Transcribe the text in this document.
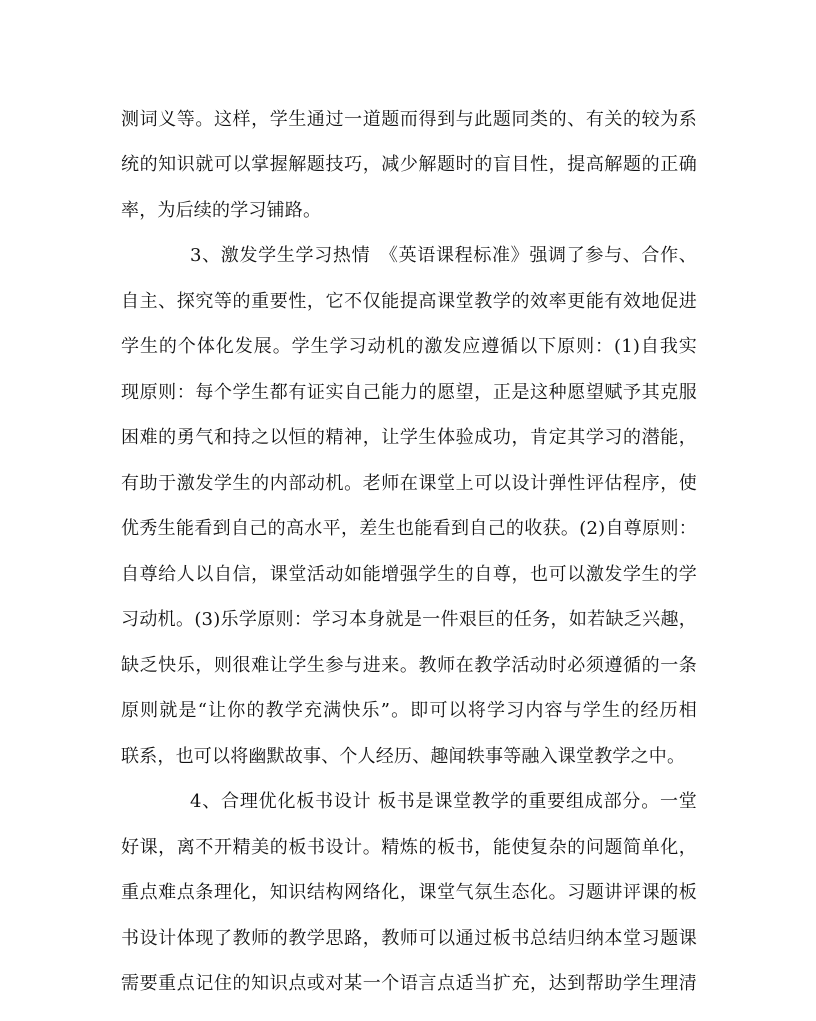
测词义等。这样，学生通过一道题而得到与此题同类的、有关的较为系
统的知识就可以掌握解题技巧，减少解题时的盲目性，提高解题的正确
率，为后续的学习铺路。
3、激发学生学习热情　《英语课程标准》强调了参与、合作、
自主、探究等的重要性，它不仅能提高课堂教学的效率更能有效地促进
学生的个体化发展。学生学习动机的激发应遵循以下原则：(1)自我实
现原则：每个学生都有证实自己能力的愿望，正是这种愿望赋予其克服
困难的勇气和持之以恒的精神，让学生体验成功，肯定其学习的潜能，
有助于激发学生的内部动机。老师在课堂上可以设计弹性评估程序，使
优秀生能看到自己的高水平，差生也能看到自己的收获。(2)自尊原则：
自尊给人以自信，课堂活动如能增强学生的自尊，也可以激发学生的学
习动机。(3)乐学原则：学习本身就是一件艰巨的任务，如若缺乏兴趣，
缺乏快乐，则很难让学生参与进来。教师在教学活动时必须遵循的一条
原则就是“让你的教学充满快乐”。即可以将学习内容与学生的经历相
联系，也可以将幽默故事、个人经历、趣闻轶事等融入课堂教学之中。
4、合理优化板书设计 板书是课堂教学的重要组成部分。一堂
好课，离不开精美的板书设计。精炼的板书，能使复杂的问题简单化，
重点难点条理化，知识结构网络化，课堂气氛生态化。习题讲评课的板
书设计体现了教师的教学思路，教师可以通过板书总结归纳本堂习题课
需要重点记住的知识点或对某一个语言点适当扩充，达到帮助学生理清
